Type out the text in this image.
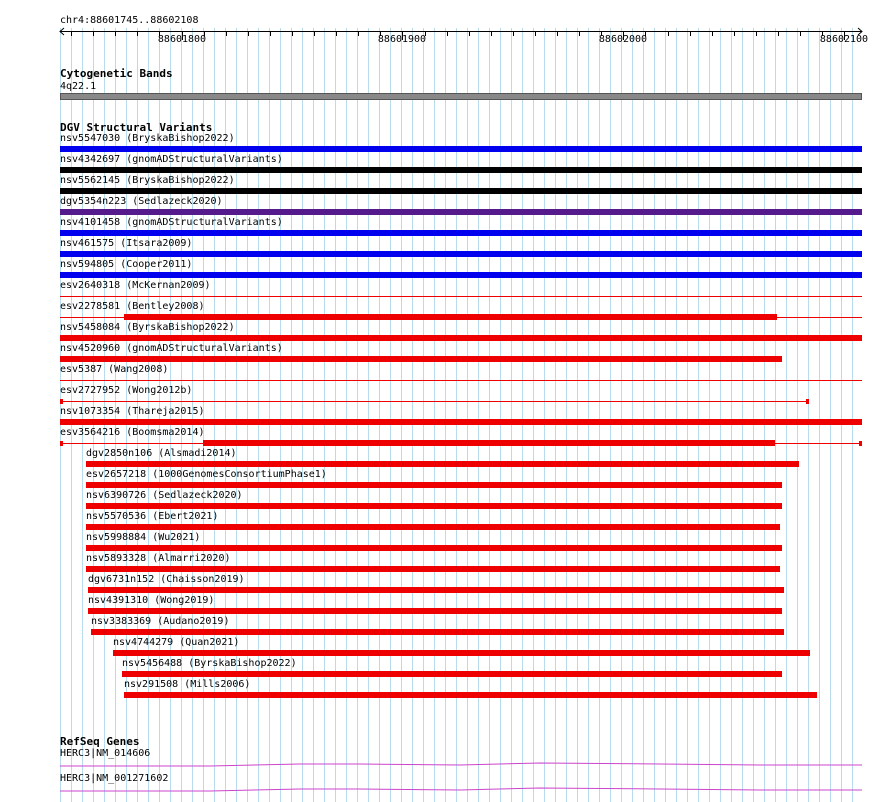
chr4:88601745..88602108
88601800	88601900	88602000	88602100
Cytogenetic Bands
4q22.1
DGV Structural Variants
nsv5547030 (BryskaBishop2022)
nsv4342697 (gnomADStructuralVariants)
nsv5562145 (BryskaBishop2022)
dgv5354n223 (Sedlazeck2020)
nsv4101458 (gnomADStructuralVariants)
nsv461575 (Itsara2009)
nsv594805 (Cooper2011)
esv2640318 (McKernan2009)
esv2278581 (Bentley2008)
nsv5458084 (ByrskaBishop2022)
nsv4520960 (gnomADStructuralVariants)
esv5387 (Wang2008)
esv2727952 (Wong2012b)
nsv1073354 (Thareja2015)
esv3564216 (Boomsma2014)
dgv2850n106 (Alsmadi2014)
esv2657218 (1000GenomesConsortiumPhase1)
nsv6390726 (Sedlazeck2020)
nsv5570536 (Ebert2021)
nsv5998884 (Wu2021)
nsv5893328 (Almarri2020)
dgv6731n152 (Chaisson2019)
nsv4391310 (Wong2019)
nsv3383369 (Audano2019)
nsv4744279 (Quan2021)
nsv5456488 (ByrskaBishop2022)
nsv291508 (Mills2006)
RefSeq Genes
HERC3|NM_014606
HERC3|NM_001271602
